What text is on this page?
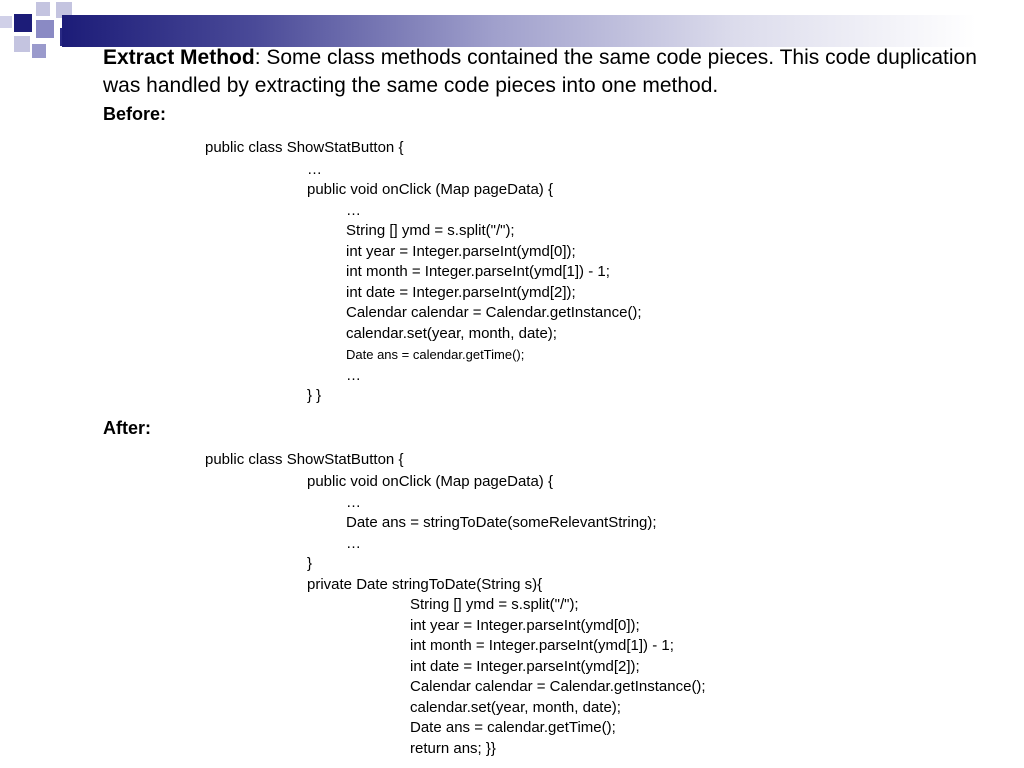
Extract Method: Some class methods contained the same code pieces. This code duplication was handled by extracting the same code pieces into one method.
Before:
public class ShowStatButton {
…
public void onClick (Map pageData) {
…
String [] ymd = s.split("/");
int year = Integer.parseInt(ymd[0]);
int month = Integer.parseInt(ymd[1]) - 1;
int date = Integer.parseInt(ymd[2]);
Calendar calendar = Calendar.getInstance();
calendar.set(year, month, date);
Date ans = calendar.getTime();
…
} }
After:
public class ShowStatButton {
public void onClick (Map pageData) {
…
Date ans = stringToDate(someRelevantString);
…
}
private Date stringToDate(String s){
String [] ymd = s.split("/");
int year = Integer.parseInt(ymd[0]);
int month = Integer.parseInt(ymd[1]) - 1;
int date = Integer.parseInt(ymd[2]);
Calendar calendar = Calendar.getInstance();
calendar.set(year, month, date);
Date ans = calendar.getTime();
return ans; }}
